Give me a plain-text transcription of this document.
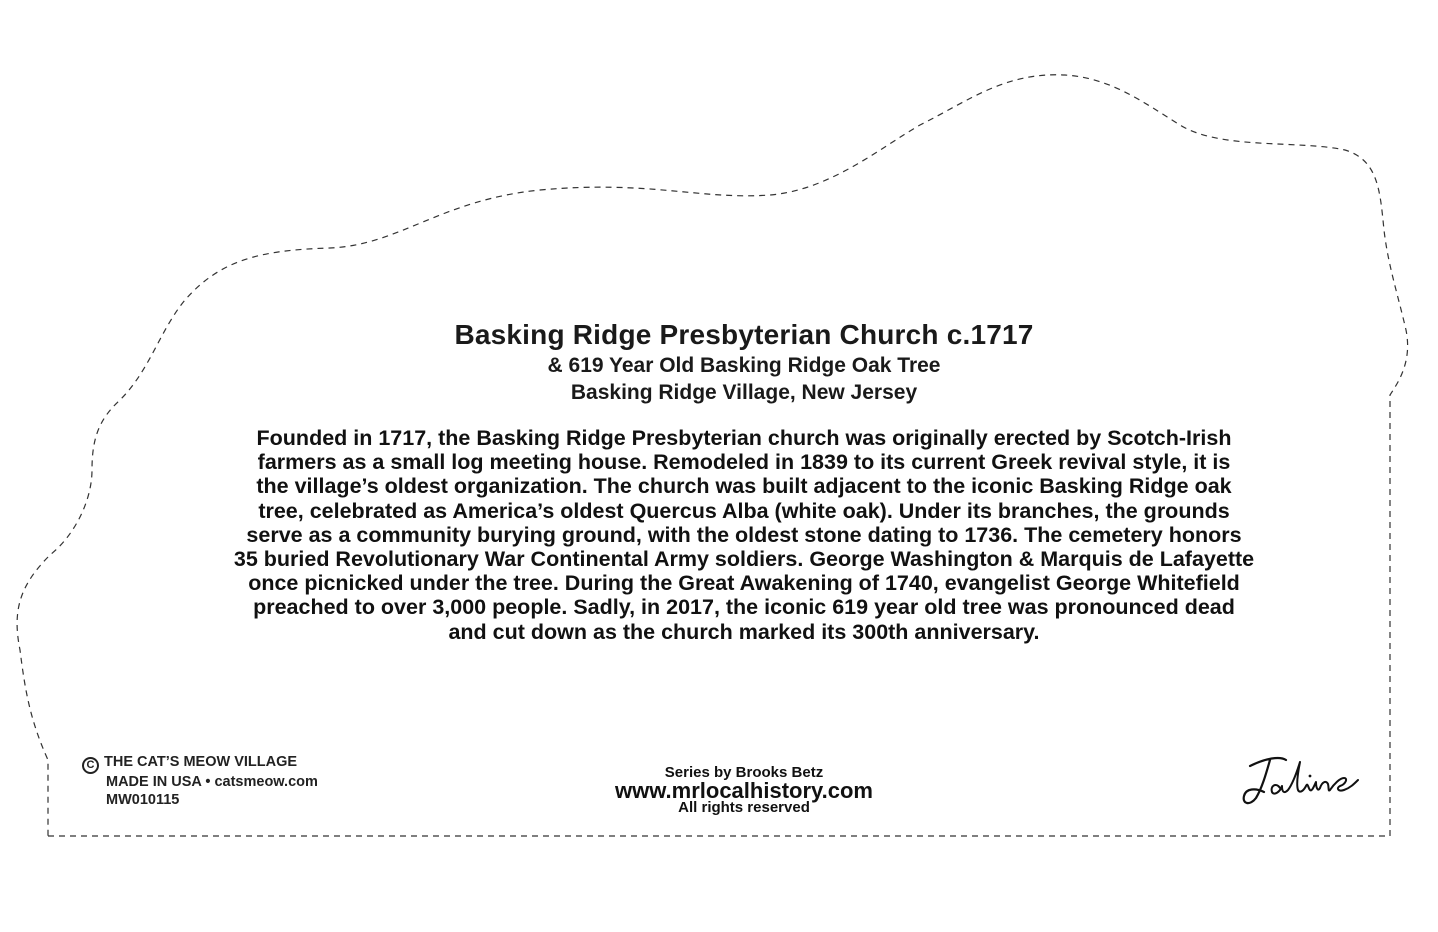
Basking Ridge Presbyterian Church c.1717
& 619 Year Old Basking Ridge Oak Tree
Basking Ridge Village, New Jersey
Founded in 1717, the Basking Ridge Presbyterian church was originally erected by Scotch-Irish
farmers as a small log meeting house. Remodeled in 1839 to its current Greek revival style, it is
the village’s oldest organization. The church was built adjacent to the iconic Basking Ridge oak
tree, celebrated as America’s oldest Quercus Alba (white oak). Under its branches, the grounds
serve as a community burying ground, with the oldest stone dating to 1736. The cemetery honors
35 buried Revolutionary War Continental Army soldiers. George Washington & Marquis de Lafayette
once picnicked under the tree. During the Great Awakening of 1740, evangelist George Whitefield
preached to over 3,000 people. Sadly, in 2017, the iconic 619 year old tree was pronounced dead
and cut down as the church marked its 300th anniversary.
C THE CAT’S MEOW VILLAGE
MADE IN USA • catsmeow.com
MW010115
Series by Brooks Betz
www.mrlocalhistory.com
All rights reserved
